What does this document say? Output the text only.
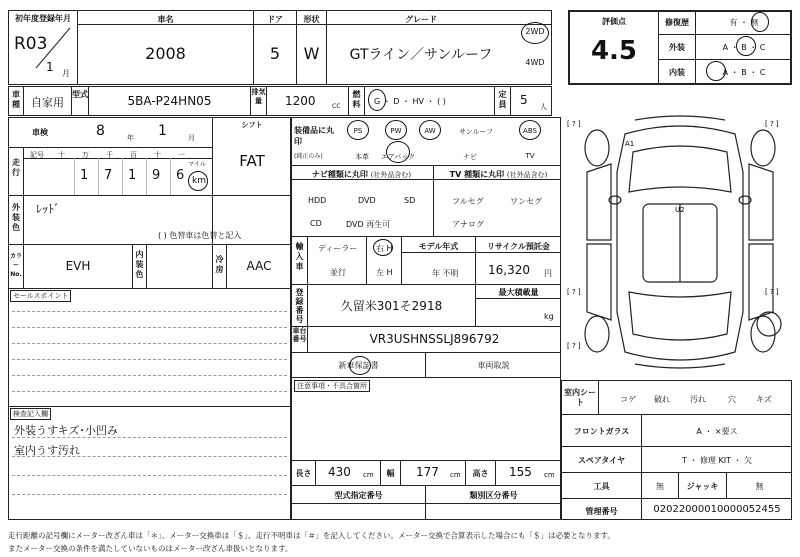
初年度登録年月
R03
1 月
車名
2008
ドア
5
形状
W
グレード
GTライン／サンルーフ
2WD
4WD
評価点
4.5
修復歴	有 ・ 無
外装	A ・ B ・ C
内装	A ・ B ・ C
車種	自家用
型式	5BA-P24HN05
排気量	1200	CC
燃料	G ・ D ・ HV ・ ( )
定員 5 人
車検	8	年 1	月
シフト
FAT
走行
記号 十 万 千 百 十 一
1 7 1 9 6
マイル
km
外装色
ﾚｯﾄﾞ
( ) 色替車は色替と記入
カラーNo.
EVH
内装色
冷房	AAC
セールスポイント
検査記入欄
外装うすキズ･小凹み
室内うす汚れ
装備品に丸印
(純正のみ)
PS	PW	AW	サンルーフ	ABS
本革	エアバック	ナビ	TV
ナビ種類に丸印 (社外品含む)	TV 種類に丸印 (社外品含む)
HDD	DVD	SD
CD	DVD 再生可
フルセグ	ワンセグ
アナログ
輸入車
ディーラー
並行
右 H
左 H
モデル年式
年 不明
リサイクル預託金
16,320 円
登録番号
久留米301そ2918
最大積載量
kg
車台番号	VR3USHNSSLJ896792
新車保証書	車両取説
注意事項・不具合箇所
長さ 430 cm	幅	177 cm	高さ	155 cm
型式指定番号	類別区分番号
室内シート	コゲ	破れ	汚れ	穴	キズ
フロントガラス	A ・ ×要ス
スペアタイヤ	T ・ 修理 KIT ・ 欠
工具	無	ジャッキ	無
管理番号	02022000010000052455
A1
U2
[ ? ]	[ ? ]
[ ? ]	[ ? ]
[ ? ]
走行距離の記号欄にメーター改ざん車は「＊」、メーター交換車は「＄」、走行不明車は「＃」を記入してください。メーター交換で合算表示した場合にも「＄」は必要となります。
またメーター交換の条件を満たしていないものはメーター改ざん車扱いとなります。
